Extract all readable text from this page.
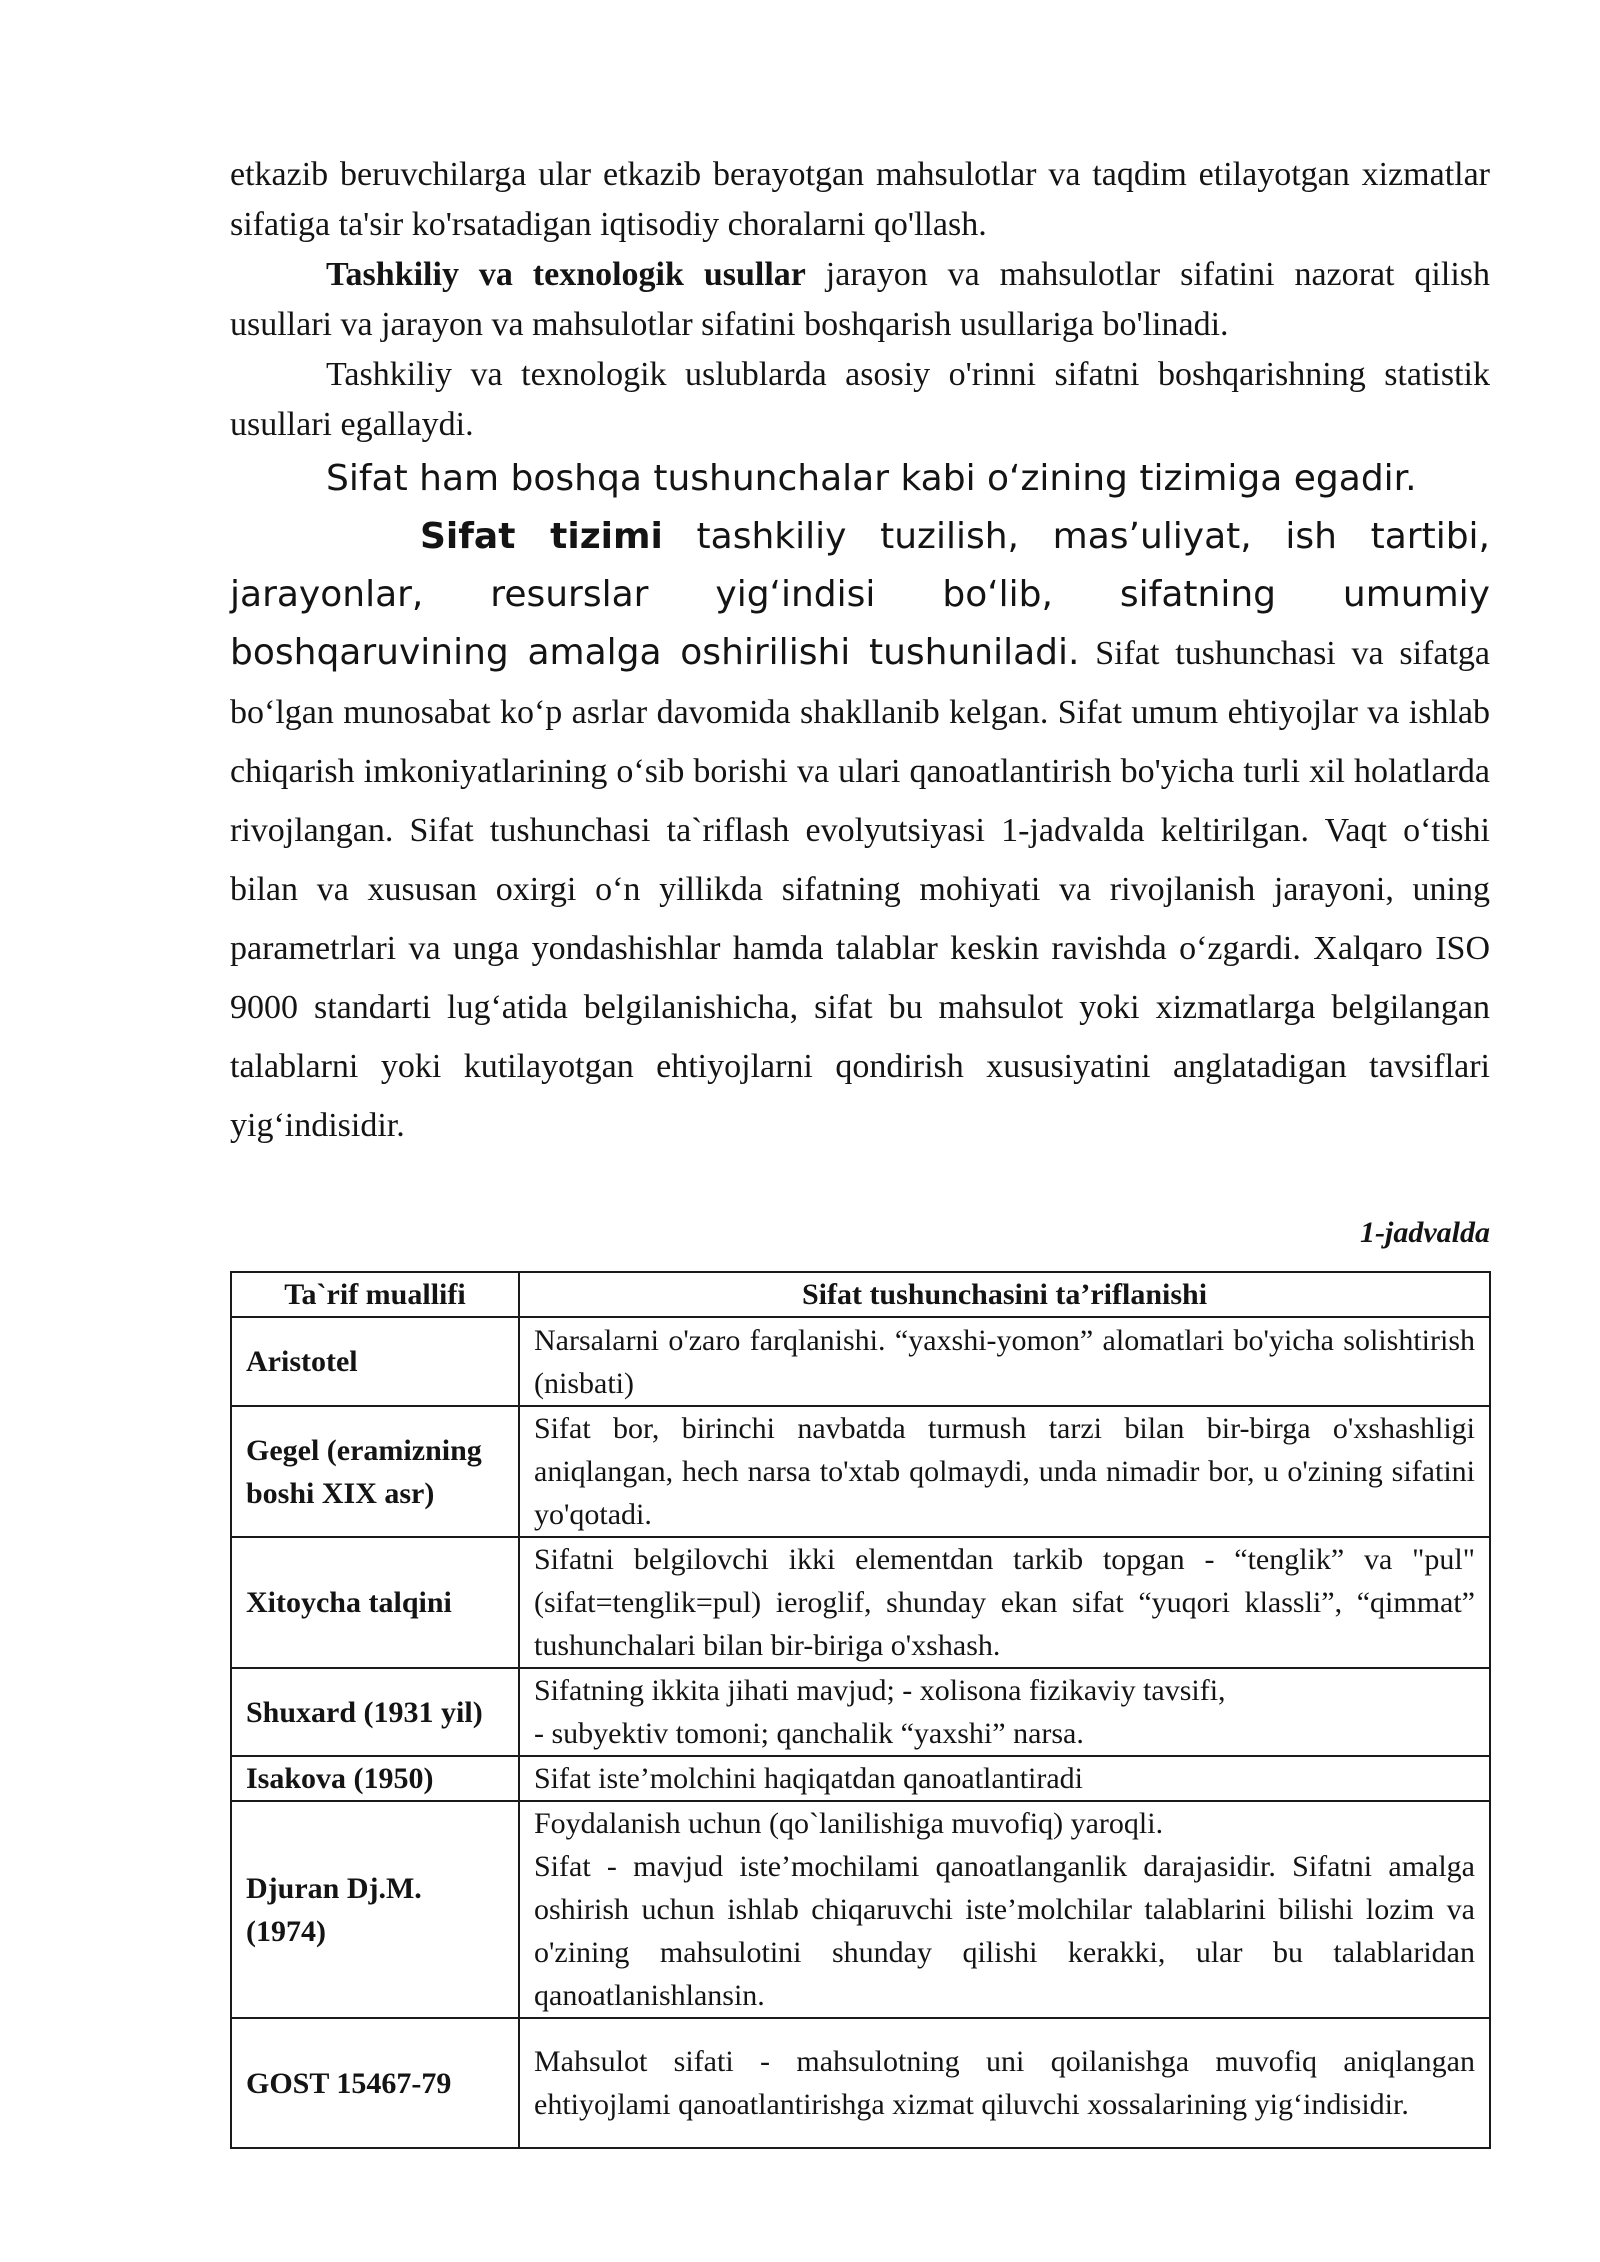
etkazib beruvchilarga ular etkazib berayotgan mahsulotlar va taqdim etilayotgan xizmatlar sifatiga ta'sir ko'rsatadigan iqtisodiy choralarni qo'llash.

Tashkiliy va texnologik usullar jarayon va mahsulotlar sifatini nazorat qilish usullari va jarayon va mahsulotlar sifatini boshqarish usullariga bo'linadi.

Tashkiliy va texnologik uslublarda asosiy o'rinni sifatni boshqarishning statistik usullari egallaydi.

Sifat ham boshqa tushunchalar kabi o‘zining tizimiga egadir.

Sifat tizimi tashkiliy tuzilish, mas’uliyat, ish tartibi, jarayonlar, resurslar yig‘indisi bo‘lib, sifatning umumiy boshqaruvining amalga oshirilishi tushuniladi. Sifat tushunchasi va sifatga bo‘lgan munosabat ko‘p asrlar davomida shakllanib kelgan. Sifat umum ehtiyojlar va ishlab chiqarish imkoniyatlarining o‘sib borishi va ulari qanoatlantirish bo'yicha turli xil holatlarda rivojlangan. Sifat tushunchasi ta`riflash evolyutsiyasi 1-jadvalda keltirilgan. Vaqt o‘tishi bilan va xususan oxirgi o‘n yillikda sifatning mohiyati va rivojlanish jarayoni, uning parametrlari va unga yondashishlar hamda talablar keskin ravishda o‘zgardi. Xalqaro ISO 9000 standarti lug‘atida belgilanishicha, sifat bu mahsulot yoki xizmatlarga belgilangan talablarni yoki kutilayotgan ehtiyojlarni qondirish xususiyatini anglatadigan tavsiflari yig‘indisidir.

1-jadvalda

Ta`rif muallifi	Sifat tushunchasini ta’riflanishi
Aristotel	Narsalarni o'zaro farqlanishi. “yaxshi-yomon” alomatlari bo'yicha solishtirish (nisbati)
Gegel (eramizning boshi XIX asr)	Sifat bor, birinchi navbatda turmush tarzi bilan bir-birga o'xshashligi aniqlangan, hech narsa to'xtab qolmaydi, unda nimadir bor, u o'zining sifatini yo'qotadi.
Xitoycha talqini	Sifatni belgilovchi ikki elementdan tarkib topgan - “tenglik” va "pul" (sifat=tenglik=pul) ieroglif, shunday ekan sifat “yuqori klassli”, “qimmat” tushunchalari bilan bir-biriga o'xshash.
Shuxard (1931 yil)	Sifatning ikkita jihati mavjud; - xolisona fizikaviy tavsifi,
- subyektiv tomoni; qanchalik “yaxshi” narsa.

Isakova (1950)	Sifat iste’molchini haqiqatdan qanoatlantiradi
Djuran Dj.M. (1974)	Foydalanish uchun (qo`lanilishiga muvofiq) yaroqli.
Sifat - mavjud iste’mochilami qanoatlanganlik darajasidir. Sifatni amalga oshirish uchun ishlab chiqaruvchi iste’molchilar talablarini bilishi lozim va o'zining mahsulotini shunday qilishi kerakki, ular bu talablaridan qanoatlanishlansin.

GOST 15467-79	Mahsulot sifati - mahsulotning uni qoilanishga muvofiq aniqlangan ehtiyojlami qanoatlantirishga xizmat qiluvchi xossalarining yig‘indisidir.
